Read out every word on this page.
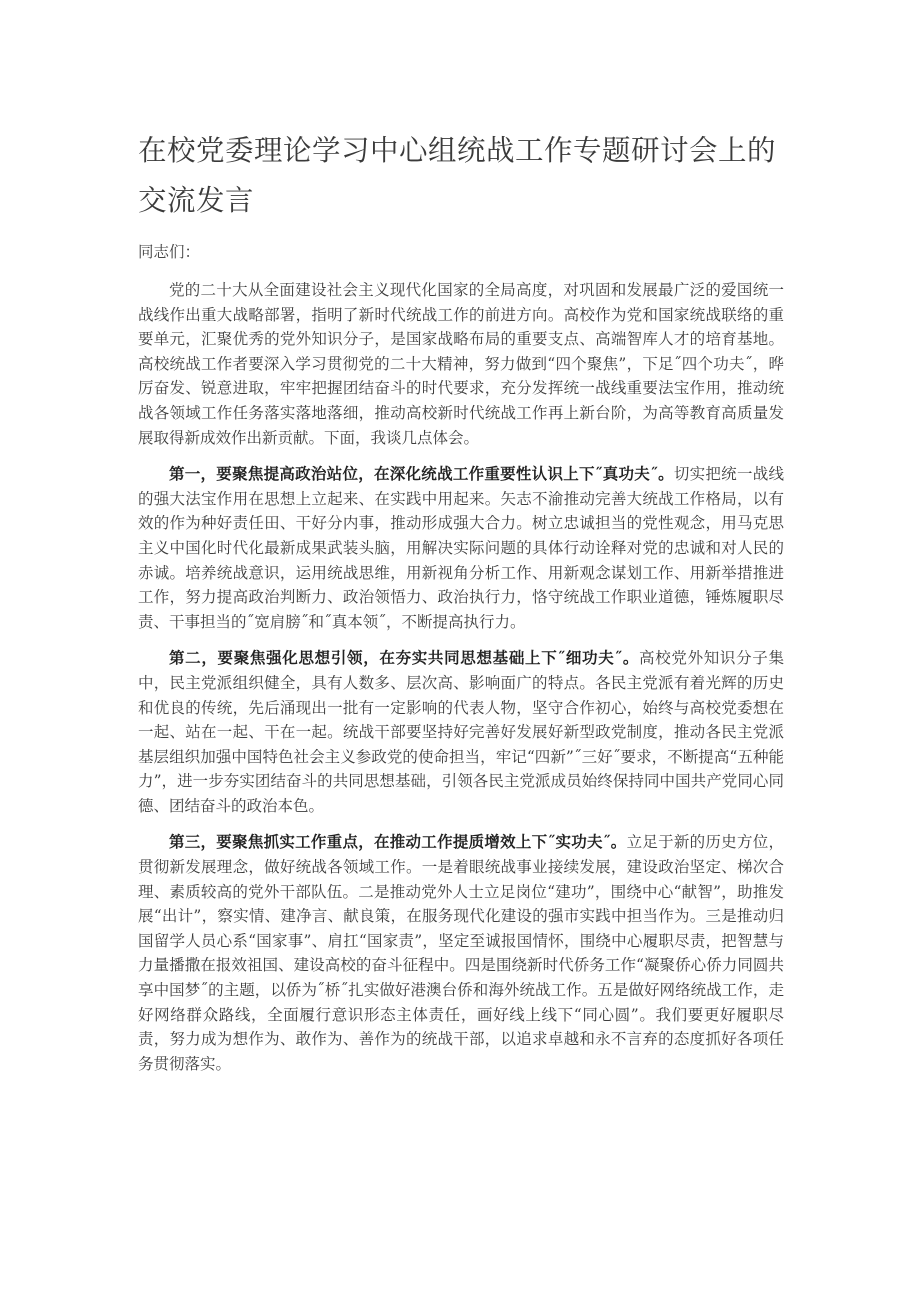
在校党委理论学习中心组统战工作专题研讨会上的交流发言

同志们：

党的二十大从全面建设社会主义现代化国家的全局高度，对巩固和发展最广泛的爱国统一战线作出重大战略部署，指明了新时代统战工作的前进方向。高校作为党和国家统战联络的重要单元，汇聚优秀的党外知识分子，是国家战略布局的重要支点、高端智库人才的培育基地。高校统战工作者要深入学习贯彻党的二十大精神，努力做到“四个聚焦”，下足˝四个功夫˝，晔厉奋发、锐意进取，牢牢把握团结奋斗的时代要求，充分发挥统一战线重要法宝作用，推动统战各领域工作任务落实落地落细，推动高校新时代统战工作再上新台阶，为高等教育高质量发展取得新成效作出新贡献。下面，我谈几点体会。

第一，要聚焦提高政治站位，在深化统战工作重要性认识上下˝真功夫˝。切实把统一战线的强大法宝作用在思想上立起来、在实践中用起来。矢志不渝推动完善大统战工作格局，以有效的作为种好责任田、干好分内事，推动形成强大合力。树立忠诚担当的党性观念，用马克思主义中国化时代化最新成果武装头脑，用解决实际问题的具体行动诠释对党的忠诚和对人民的赤诚。培养统战意识，运用统战思维，用新视角分析工作、用新观念谋划工作、用新举措推进工作，努力提高政治判断力、政治领悟力、政治执行力，恪守统战工作职业道德，锤炼履职尽责、干事担当的˝宽肩膀˝和˝真本领˝，不断提高执行力。

第二，要聚焦强化思想引领，在夯实共同思想基础上下˝细功夫˝。高校党外知识分子集中，民主党派组织健全，具有人数多、层次高、影响面广的特点。各民主党派有着光辉的历史和优良的传统，先后涌现出一批有一定影响的代表人物，坚守合作初心，始终与高校党委想在一起、站在一起、干在一起。统战干部要坚持好完善好发展好新型政党制度，推动各民主党派基层组织加强中国特色社会主义参政党的使命担当，牢记“四新”˝三好˝要求，不断提高“五种能力”，进一步夯实团结奋斗的共同思想基础，引领各民主党派成员始终保持同中国共产党同心同德、团结奋斗的政治本色。

第三，要聚焦抓实工作重点，在推动工作提质增效上下˝实功夫˝。立足于新的历史方位，贯彻新发展理念，做好统战各领域工作。一是着眼统战事业接续发展，建设政治坚定、梯次合理、素质较高的党外干部队伍。二是推动党外人士立足岗位“建功”，围绕中心“献智”，助推发展“出计”，察实情、建净言、献良策，在服务现代化建设的强市实践中担当作为。三是推动归国留学人员心系“国家事”、肩扛“国家责”，坚定至诚报国情怀，围绕中心履职尽责，把智慧与力量播撒在报效祖国、建设高校的奋斗征程中。四是围绕新时代侨务工作“凝聚侨心侨力同圆共享中国梦˝的主题，以侨为˝桥˝扎实做好港澳台侨和海外统战工作。五是做好网络统战工作，走好网络群众路线，全面履行意识形态主体责任，画好线上线下“同心圆”。我们要更好履职尽责，努力成为想作为、敢作为、善作为的统战干部，以追求卓越和永不言弃的态度抓好各项任务贯彻落实。
